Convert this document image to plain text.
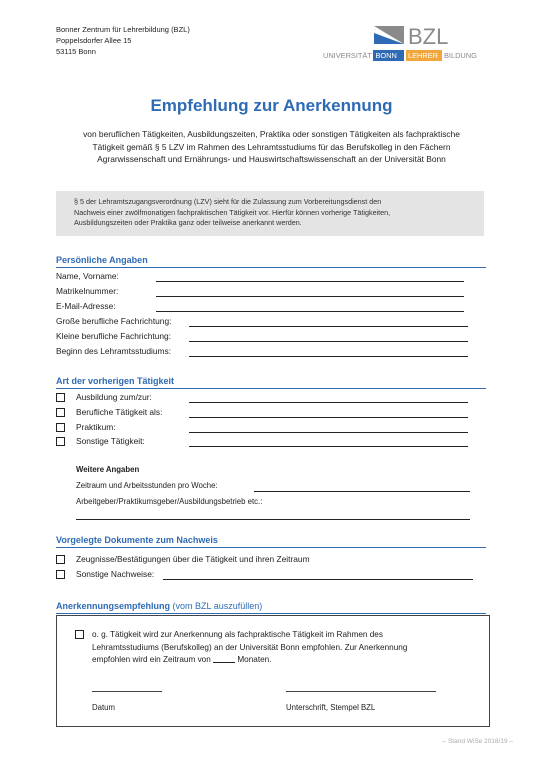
Bonner Zentrum für Lehrerbildung (BZL)
Poppelsdorfer Allee 15
53115 Bonn
BZL
UNIVERSITÄT BONN LEHRER BILDUNG
Empfehlung zur Anerkennung
von beruflichen Tätigkeiten, Ausbildungszeiten, Praktika oder sonstigen Tätigkeiten als fachpraktische
Tätigkeit gemäß § 5 LZV im Rahmen des Lehramtsstudiums für das Berufskolleg in den Fächern
Agrarwissenschaft und Ernährungs- und Hauswirtschaftswissenschaft an der Universität Bonn
§ 5 der Lehramtszugangsverordnung (LZV) sieht für die Zulassung zum Vorbereitungsdienst den
Nachweis einer zwölfmonatigen fachpraktischen Tätigkeit vor. Hierfür können vorherige Tätigkeiten,
Ausbildungszeiten oder Praktika ganz oder teilweise anerkannt werden.
Persönliche Angaben
Name, Vorname:
Matrikelnummer:
E-Mail-Adresse:
Große berufliche Fachrichtung:
Kleine berufliche Fachrichtung:
Beginn des Lehramtsstudiums:
Art der vorherigen Tätigkeit
Ausbildung zum/zur:
Berufliche Tätigkeit als:
Praktikum:
Sonstige Tätigkeit:
Weitere Angaben
Zeitraum und Arbeitsstunden pro Woche:
Arbeitgeber/Praktikumsgeber/Ausbildungsbetrieb etc.:
Vorgelegte Dokumente zum Nachweis
Zeugnisse/Bestätigungen über die Tätigkeit und ihren Zeitraum
Sonstige Nachweise:
Anerkennungsempfehlung (vom BZL auszufüllen)
o. g. Tätigkeit wird zur Anerkennung als fachpraktische Tätigkeit im Rahmen des
Lehramtsstudiums (Berufskolleg) an der Universität Bonn empfohlen. Zur Anerkennung
empfohlen wird ein Zeitraum von	Monaten.
Datum	Unterschrift, Stempel BZL
– Stand WiSe 2018/19 –
